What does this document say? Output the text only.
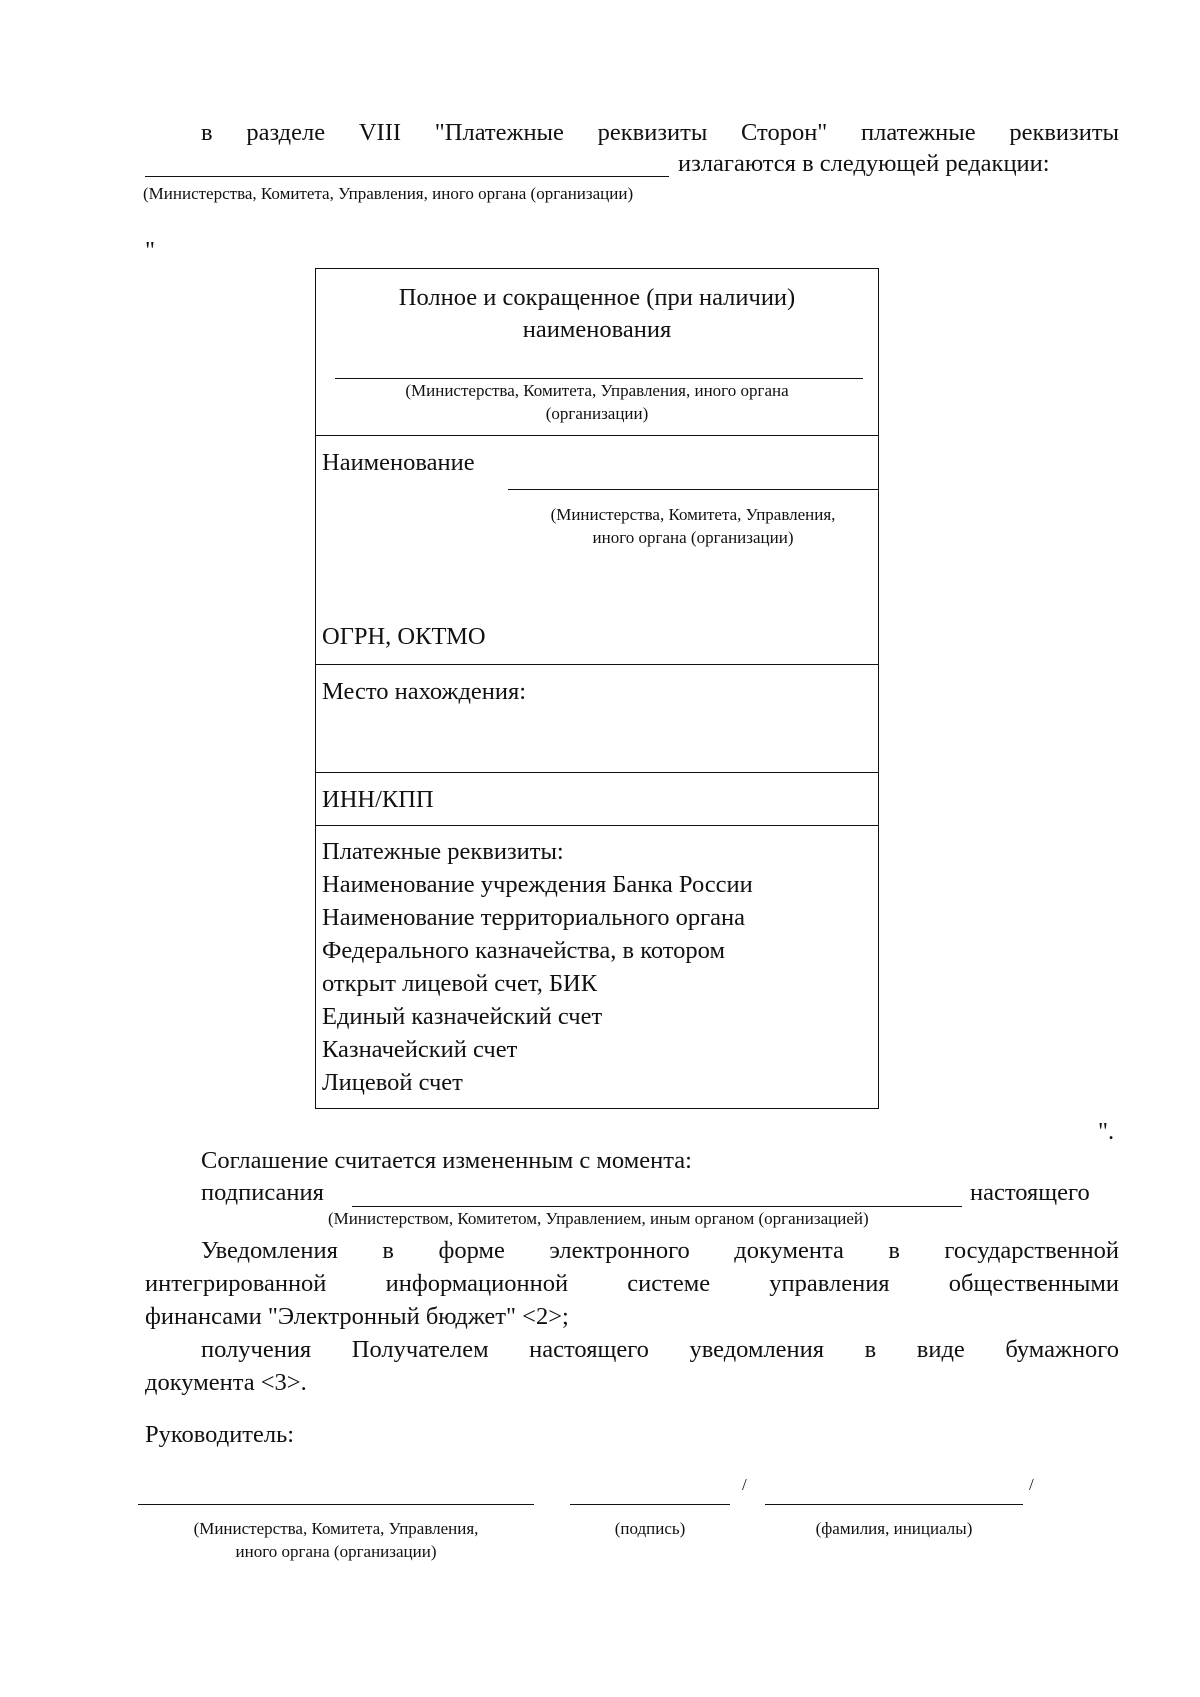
в разделе VIII "Платежные реквизиты Сторон" платежные реквизиты
излагаются в следующей редакции:
(Министерства, Комитета, Управления, иного органа (организации)
"
Полное и сокращенное (при наличии)
наименования
(Министерства, Комитета, Управления, иного органа
(организации)
Наименование
(Министерства, Комитета, Управления,
иного органа (организации)
ОГРН, ОКТМО
Место нахождения:
ИНН/КПП
Платежные реквизиты:
Наименование учреждения Банка России
Наименование территориального органа
Федерального казначейства, в котором
открыт лицевой счет, БИК
Единый казначейский счет
Казначейский счет
Лицевой счет
".
Соглашение считается измененным с момента:
подписания	настоящего
(Министерством, Комитетом, Управлением, иным органом (организацией)
Уведомления в форме электронного документа в государственной
интегрированной информационной системе управления общественными
финансами "Электронный бюджет" <2>;
получения Получателем настоящего уведомления в виде бумажного
документа <3>.
Руководитель:
/	/
(Министерства, Комитета, Управления,
иного органа (организации)
(подпись)	(фамилия, инициалы)
